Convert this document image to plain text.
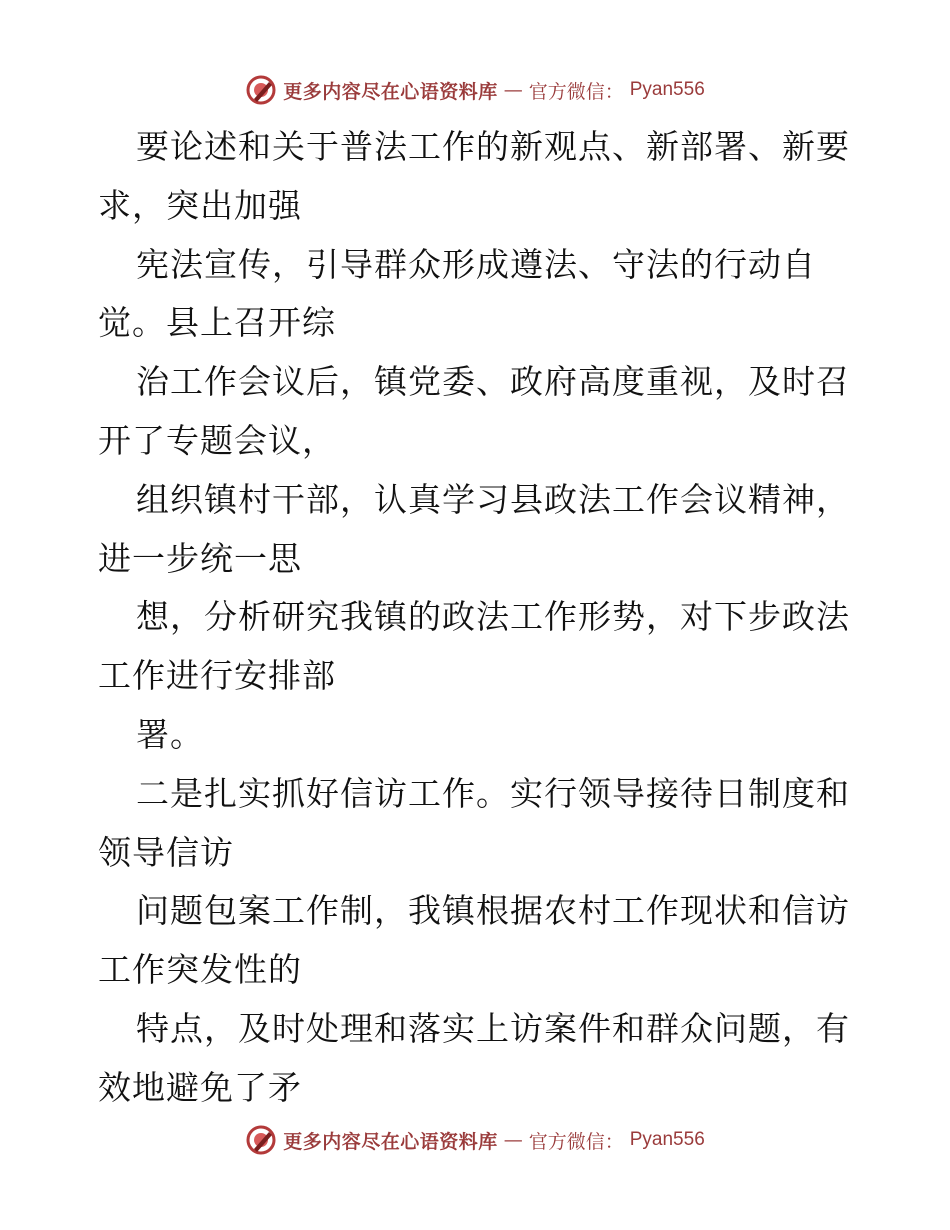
更多内容尽在心语资料库 — 官方微信： Pyan556
要论述和关于普法工作的新观点、新部署、新要
求，突出加强
宪法宣传，引导群众形成遵法、守法的行动自
觉。县上召开综
治工作会议后，镇党委、政府高度重视，及时召
开了专题会议，
组织镇村干部，认真学习县政法工作会议精神，
进一步统一思
想，分析研究我镇的政法工作形势，对下步政法
工作进行安排部
署。
二是扎实抓好信访工作。实行领导接待日制度和
领导信访
问题包案工作制，我镇根据农村工作现状和信访
工作突发性的
特点，及时处理和落实上访案件和群众问题，有
效地避免了矛
更多内容尽在心语资料库 — 官方微信： Pyan556
